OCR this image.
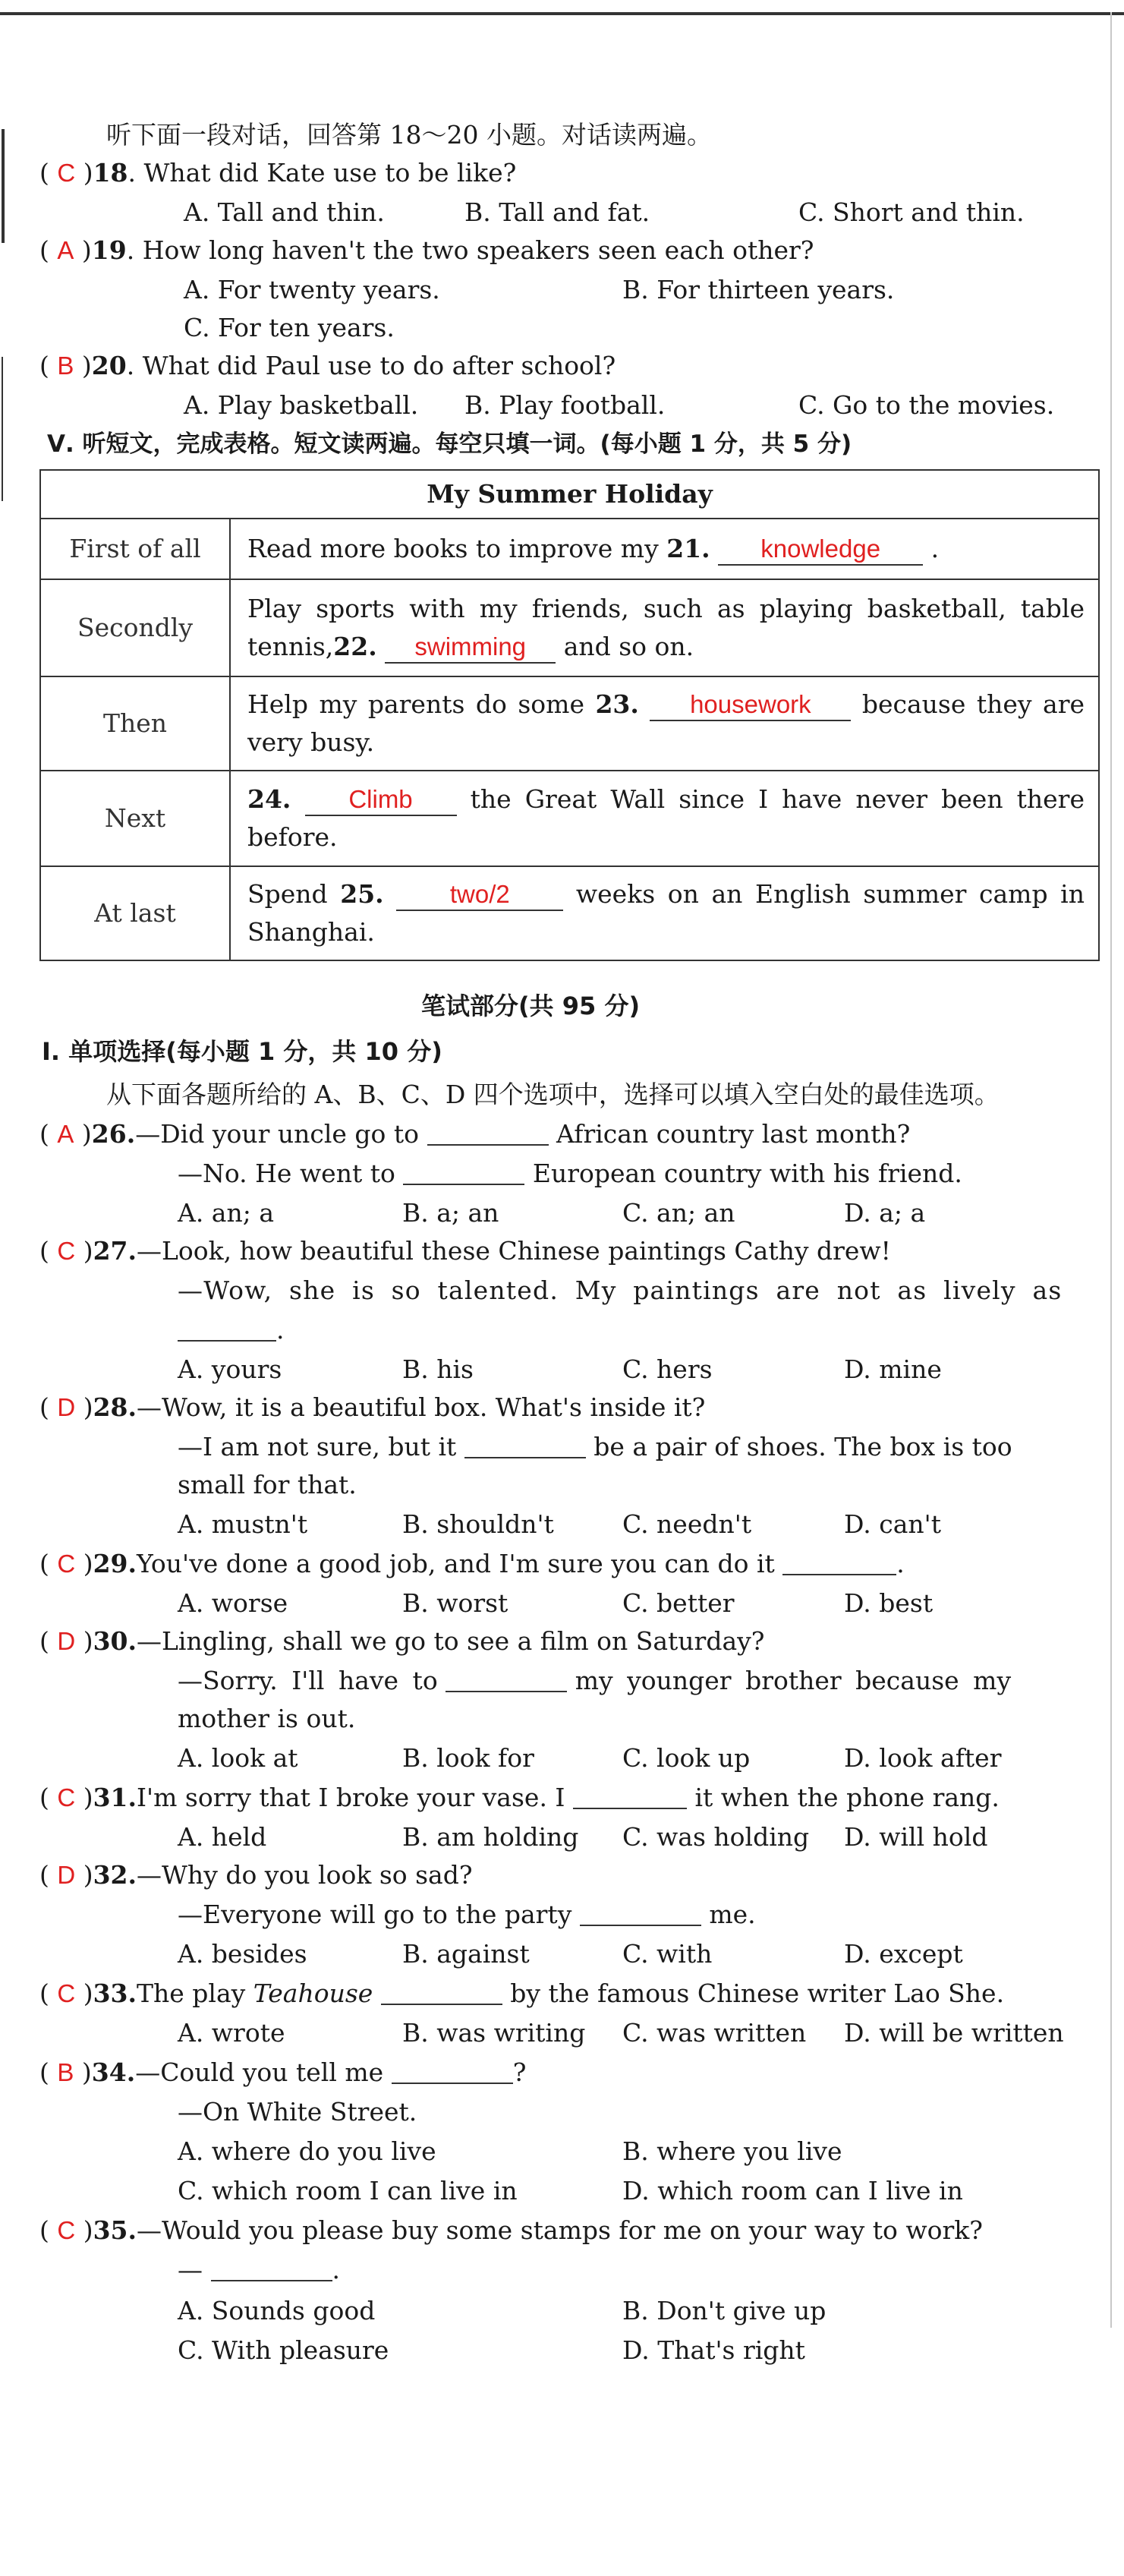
听下面一段对话，回答第 18～20 小题。对话读两遍。
( C )18. What did Kate use to be like?
A. Tall and thin.	B. Tall and fat.	C. Short and thin.
( A )19. How long haven't the two speakers seen each other?
A. For twenty years.	B. For thirteen years.
C. For ten years.
( B )20. What did Paul use to do after school?
A. Play basketball. B. Play football.	C. Go to the movies.
Ⅴ. 听短文，完成表格。短文读两遍。每空只填一词。(每小题 1 分，共 5 分)
My Summer Holiday	
First of all	Read more books to improve my 21. knowledge .
Secondly	Play sports with my friends, such as playing basketball, table tennis,22. swimming and so on.
Then	Help my parents do some 23. housework because they are very busy.
Next	24. Climb the Great Wall since I have never been there before.
At last	Spend 25. two/2 weeks on an English summer camp in Shanghai.
笔试部分(共 95 分)
Ⅰ. 单项选择(每小题 1 分，共 10 分)
从下面各题所给的 A、B、C、D 四个选项中，选择可以填入空白处的最佳选项。
( A )26.—Did your uncle go to	African country last month?
—No. He went to	European country with his friend.
A. an; a	B. a; an	C. an; an	D. a; a
( C )27.—Look, how beautiful these Chinese paintings Cathy drew!
—Wow, she is so talented. My paintings are not as lively as
.
A. yours	B. his	C. hers	D. mine
( D )28.—Wow, it is a beautiful box. What's inside it?
—I am not sure, but it	be a pair of shoes. The box is too
small for that.
A. mustn't	B. shouldn't	C. needn't	D. can't
( C )29.You've done a good job, and I'm sure you can do it	.
A. worse	B. worst	C. better	D. best
( D )30.—Lingling, shall we go to see a film on Saturday?
—Sorry. I'll have to	my younger brother because my
mother is out.
A. look at	B. look for	C. look up	D. look after
( C )31.I'm sorry that I broke your vase. I	it when the phone rang.
A. held	B. am holding C. was holding D. will hold
( D )32.—Why do you look so sad?
—Everyone will go to the party	me.
A. besides	B. against	C. with	D. except
( C )33.The play Teahouse	by the famous Chinese writer Lao She.
A. wrote	B. was writing C. was written D. will be written
( B )34.—Could you tell me	?
—On White Street.
A. where do you live	B. where you live
C. which room I can live in	D. which room can I live in
( C )35.—Would you please buy some stamps for me on your way to work?
—	.
A. Sounds good	B. Don't give up
C. With pleasure	D. That's right
